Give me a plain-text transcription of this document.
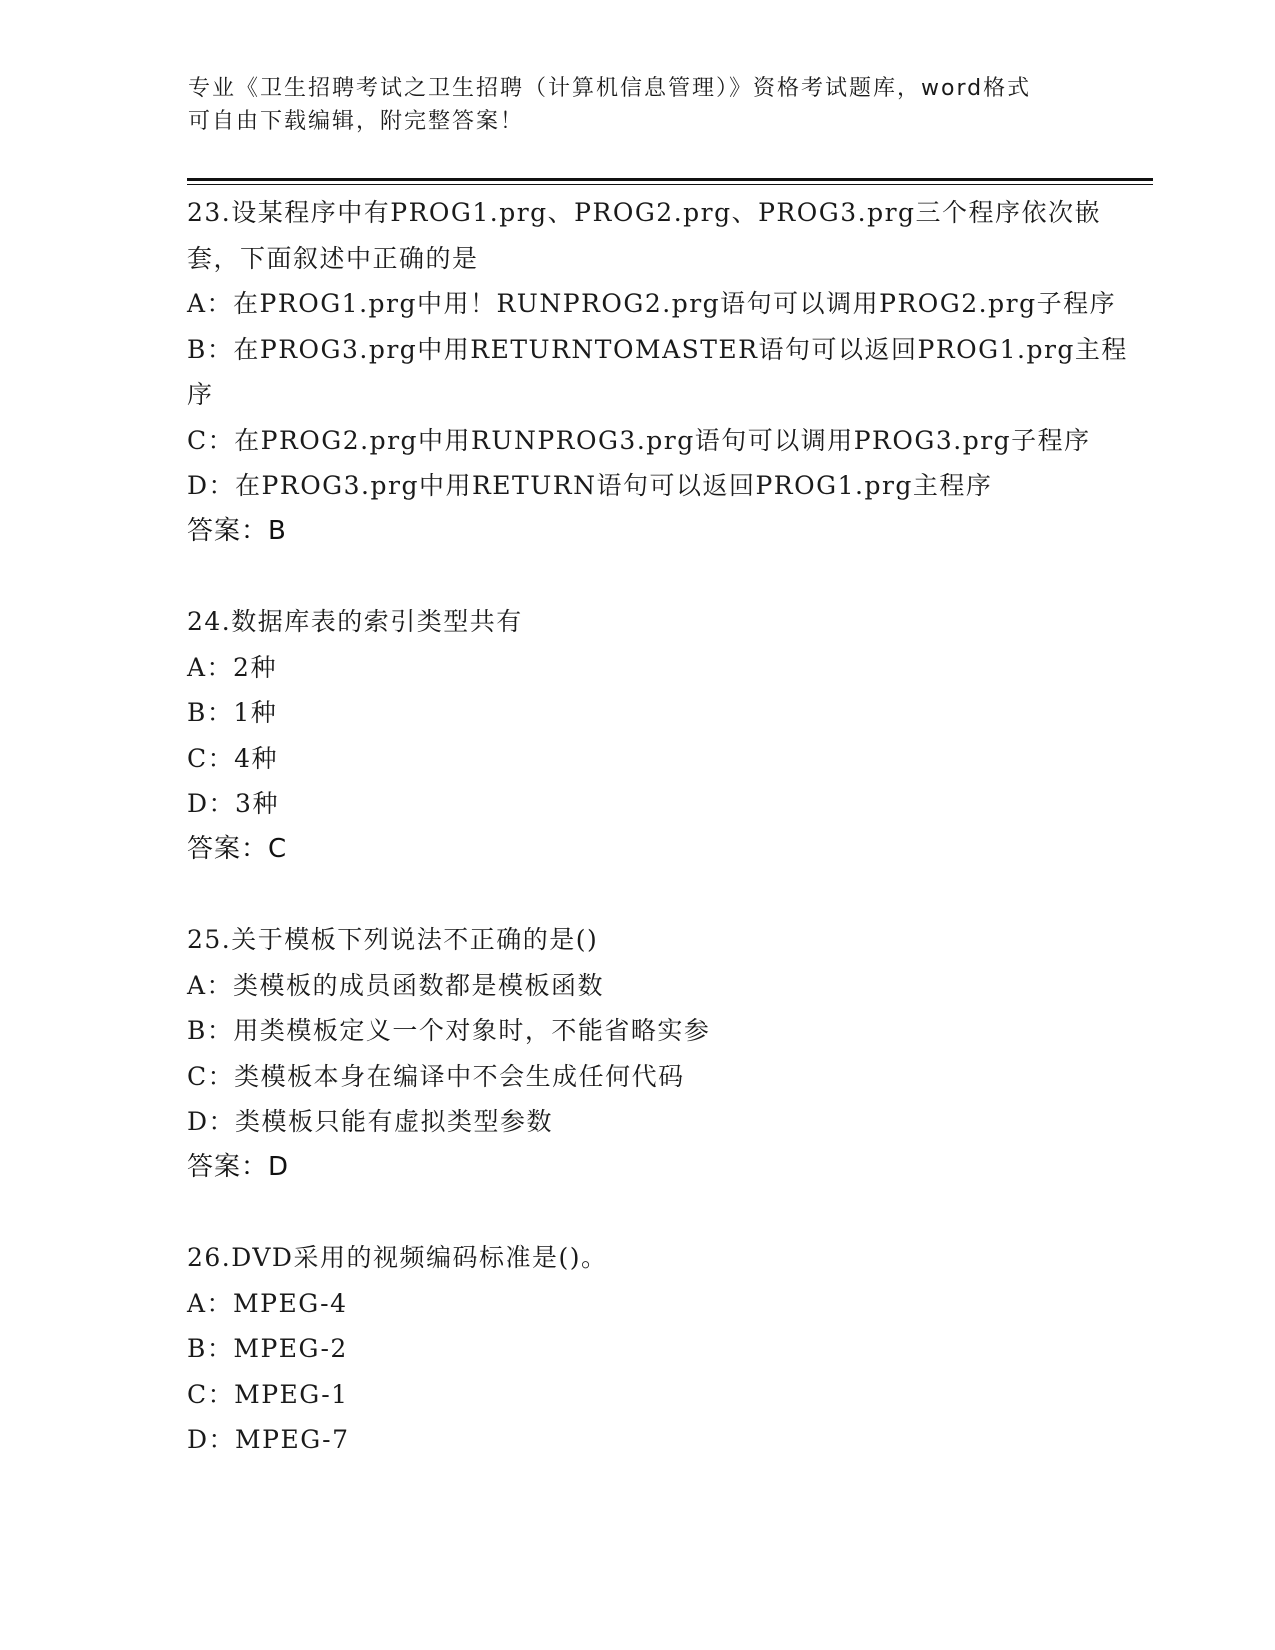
专业《卫生招聘考试之卫生招聘（计算机信息管理）》资格考试题库，word格式
可自由下载编辑，附完整答案！
23.设某程序中有PROG1.prg、PROG2.prg、PROG3.prg三个程序依次嵌
套，下面叙述中正确的是
A：在PROG1.prg中用！RUNPROG2.prg语句可以调用PROG2.prg子程序
B：在PROG3.prg中用RETURNTOMASTER语句可以返回PROG1.prg主程
序
C：在PROG2.prg中用RUNPROG3.prg语句可以调用PROG3.prg子程序
D：在PROG3.prg中用RETURN语句可以返回PROG1.prg主程序
答案：B
24.数据库表的索引类型共有
A：2种
B：1种
C：4种
D：3种
答案：C
25.关于模板下列说法不正确的是()
A：类模板的成员函数都是模板函数
B：用类模板定义一个对象时，不能省略实参
C：类模板本身在编译中不会生成任何代码
D：类模板只能有虚拟类型参数
答案：D
26.DVD采用的视频编码标准是()。
A：MPEG-4
B：MPEG-2
C：MPEG-1
D：MPEG-7
